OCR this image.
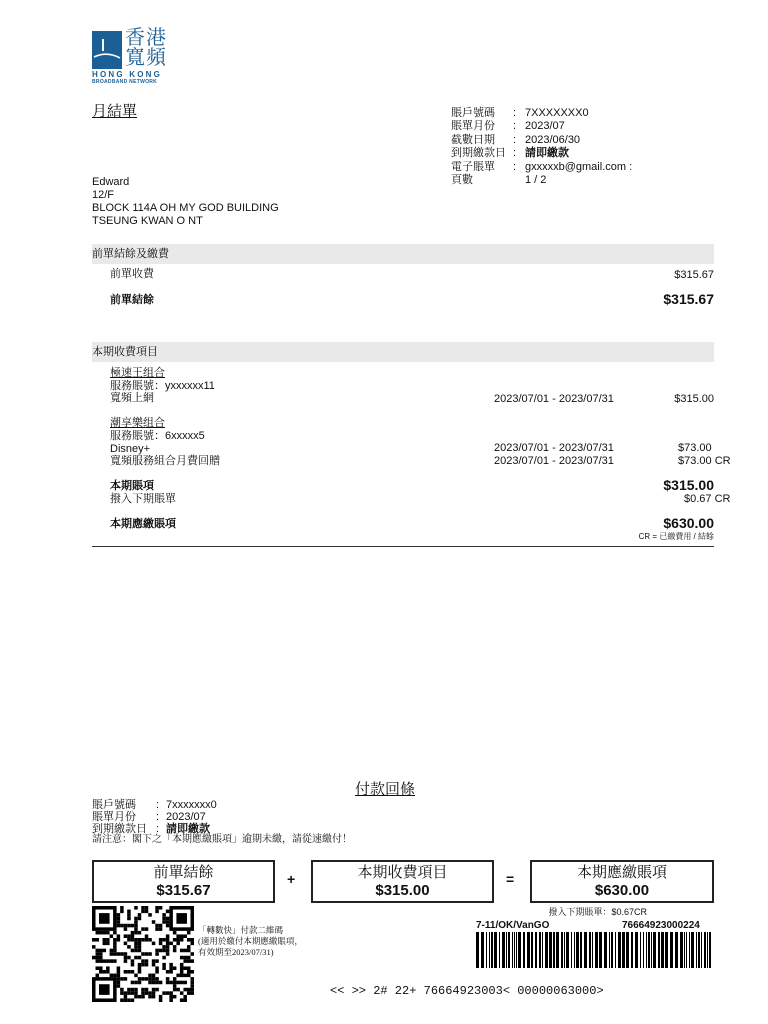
香港
寬頻
HONG KONG
BROADBAND NETWORK
月結單	賬戶號碼	: 7XXXXXXX0
賬單月份	: 2023/07
截數日期	: 2023/06/30
到期繳款日 : 請即繳款
電子賬單	: gxxxxxb@gmail.com :
頁數	1 / 2
Edward
12/F
BLOCK 114A OH MY GOD BUILDING
TSEUNG KWAN O NT
前單結餘及繳費
前單收費	$315.67
前單結餘	$315.67
本期收費項目
極速王组合
服務賬號：yxxxxxx11
寬頻上網	2023/07/01 - 2023/07/31	$315.00
潮享樂组合
服務賬號：6xxxxx5
Disney+	2023/07/01 - 2023/07/31	$73.00
寬頻服務組合月費回贈	2023/07/01 - 2023/07/31	$73.00 CR
本期賬項	$315.00
撥入下期賬單	$0.67 CR
本期應繳賬項	$630.00
CR = 已繳費用 / 結餘
付款回條
賬戶號碼	: 7xxxxxxx0
賬單月份	: 2023/07
到期繳款日 : 請即繳款
請注意：閣下之「本期應繳賬項」逾期未繳，請從速繳付！
前單結餘
$315.67
+	本期收費項目
$315.00
=	本期應繳賬項
$630.00
撥入下期賬單：$0.67CR
「轉數快」付款二維碼
(適用於繳付本期應繳賬項，
有效期至2023/07/31)
7-11/OK/VanGO	76664923000224
<< >> 2# 22+ 76664923003< 00000063000>
